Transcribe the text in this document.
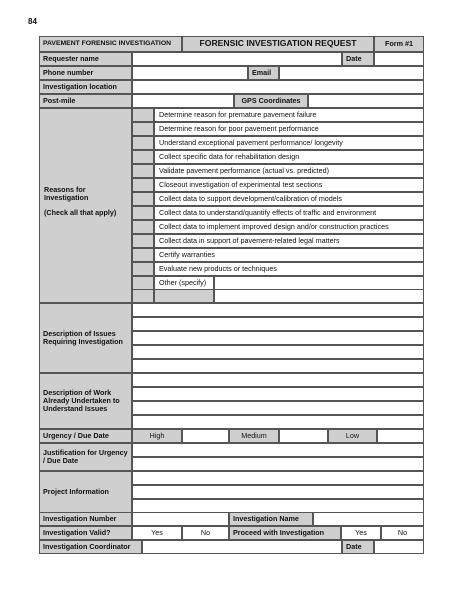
84
PAVEMENT FORENSIC INVESTIGATION	FORENSIC INVESTIGATION REQUEST	Form #1
Requester name	Date
Phone number	Email
Investigation location
Post-mile	GPS Coordinates
Reasons for
Investigation
(Check all that apply)
Determine reason for premature pavement failure
Determine reason for poor pavement performance
Understand exceptional pavement performance/ longevity
Collect specific data for rehabilitation design
Validate pavement performance (actual vs. predicted)
Closeout investigation of experimental test sections
Collect data to support development/calibration of models
Collect data to understand/quantify effects of traffic and environment
Collect data to implement improved design and/or construction practices
Collect data in support of pavement-related legal matters
Certify warranties
Evaluate new products or techniques
Other (specify)
Description of Issues Requiring Investigation
Description of Work Already Undertaken to Understand Issues
Urgency / Due Date	High	Medium	Low
Justification for Urgency / Due Date
Project Information
Investigation Number	Investigation Name
Investigation Valid?	Yes	No	Proceed with Investigation	Yes	No
Investigation Coordinator	Date
